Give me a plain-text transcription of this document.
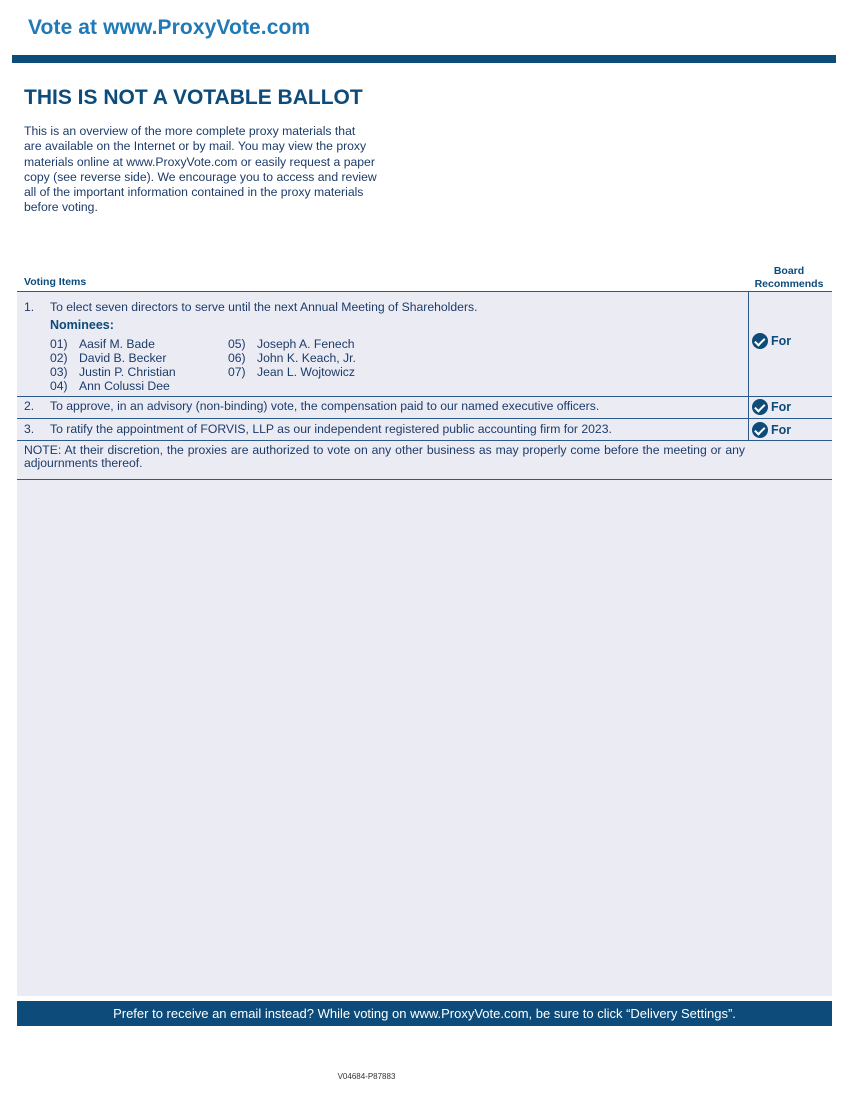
Vote at www.ProxyVote.com
THIS IS NOT A VOTABLE BALLOT
This is an overview of the more complete proxy materials that
are available on the Internet or by mail. You may view the proxy
materials online at www.ProxyVote.com or easily request a paper
copy (see reverse side). We encourage you to access and review
all of the important information contained in the proxy materials
before voting.
Voting Items
Board
Recommends
1. To elect seven directors to serve until the next Annual Meeting of Shareholders.
Nominees:
01) Aasif M. Bade
02) David B. Becker
03) Justin P. Christian
04) Ann Colussi Dee
05) Joseph A. Fenech
06) John K. Keach, Jr.
07) Jean L. Wojtowicz
For
2. To approve, in an advisory (non-binding) vote, the compensation paid to our named executive officers.	For
3. To ratify the appointment of FORVIS, LLP as our independent registered public accounting firm for 2023.	For
NOTE: At their discretion, the proxies are authorized to vote on any other business as may properly come before the meeting or any adjournments thereof.
Prefer to receive an email instead? While voting on www.ProxyVote.com, be sure to click “Delivery Settings”.
V04684-P87883
